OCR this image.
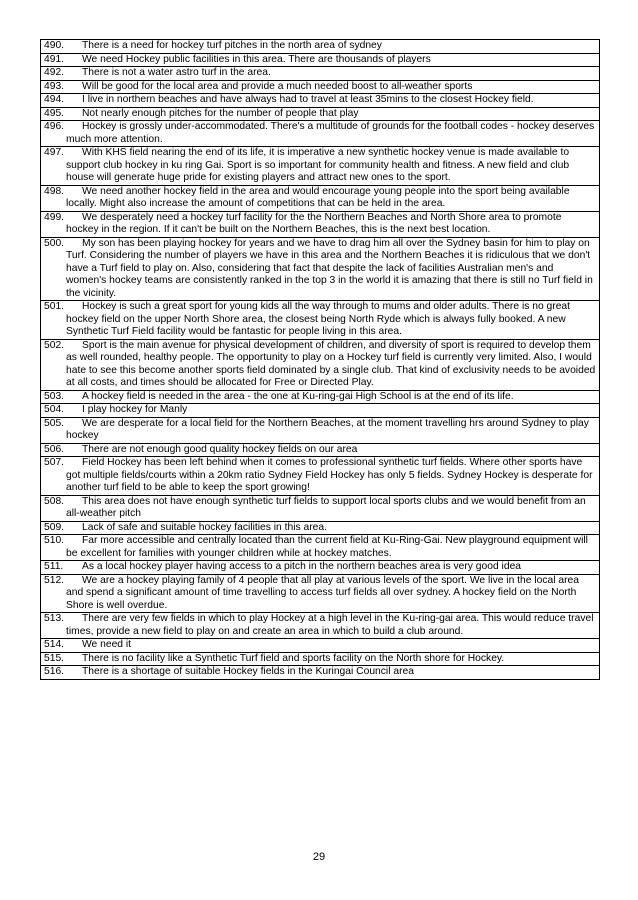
490. There is a need for hockey turf pitches in the north area of sydney

491. We need Hockey public facilities in this area. There are thousands of players

492. There is not a water astro turf in the area.

493. Will be good for the local area and provide a much needed boost to all-weather sports

494. I live in northern beaches and have always had to travel at least 35mins to the closest Hockey field.

495. Not nearly enough pitches for the number of people that play

496. Hockey is grossly under-accommodated. There's a multitude of grounds for the football codes - hockey deserves much more attention.

497. With KHS field nearing the end of its life, it is imperative a new synthetic hockey venue is made available to support club hockey in ku ring Gai. Sport is so important for community health and fitness. A new field and club house will generate huge pride for existing players and attract new ones to the sport.

498. We need another hockey field in the area and would encourage young people into the sport being available locally. Might also increase the amount of competitions that can be held in the area.

499. We desperately need a hockey turf facility for the the Northern Beaches and North Shore area to promote hockey in the region. If it can't be built on the Northern Beaches, this is the next best location.

500. My son has been playing hockey for years and we have to drag him all over the Sydney basin for him to play on Turf. Considering the number of players we have in this area and the Northern Beaches it is ridiculous that we don't have a Turf field to play on. Also, considering that fact that despite the lack of facilities Australian men's and women's hockey teams are consistently ranked in the top 3 in the world it is amazing that there is still no Turf field in the vicinity.

501. Hockey is such a great sport for young kids all the way through to mums and older adults. There is no great hockey field on the upper North Shore area, the closest being North Ryde which is always fully booked. A new Synthetic Turf Field facility would be fantastic for people living in this area.

502. Sport is the main avenue for physical development of children, and diversity of sport is required to develop them as well rounded, healthy people. The opportunity to play on a Hockey turf field is currently very limited. Also, I would hate to see this become another sports field dominated by a single club. That kind of exclusivity needs to be avoided at all costs, and times should be allocated for Free or Directed Play.

503. A hockey field is needed in the area - the one at Ku-ring-gai High School is at the end of its life.

504. I play hockey for Manly

505. We are desperate for a local field for the Northern Beaches, at the moment travelling hrs around Sydney to play hockey

506. There are not enough good quality hockey fields on our area

507. Field Hockey has been left behind when it comes to professional synthetic turf fields. Where other sports have got multiple fields/courts within a 20km ratio Sydney Field Hockey has only 5 fields. Sydney Hockey is desperate for another turf field to be able to keep the sport growing!

508. This area does not have enough synthetic turf fields to support local sports clubs and we would benefit from an all-weather pitch

509. Lack of safe and suitable hockey facilities in this area.

510. Far more accessible and centrally located than the current field at Ku-Ring-Gai. New playground equipment will be excellent for families with younger children while at hockey matches.

511. As a local hockey player having access to a pitch in the northern beaches area is very good idea

512. We are a hockey playing family of 4 people that all play at various levels of the sport. We live in the local area and spend a significant amount of time travelling to access turf fields all over sydney. A hockey field on the North Shore is well overdue.

513. There are very few fields in which to play Hockey at a high level in the Ku-ring-gai area. This would reduce travel times, provide a new field to play on and create an area in which to build a club around.

514. We need it

515. There is no facility like a Synthetic Turf field and sports facility on the North shore for Hockey.

516. There is a shortage of suitable Hockey fields in the Kuringai Council area
29
